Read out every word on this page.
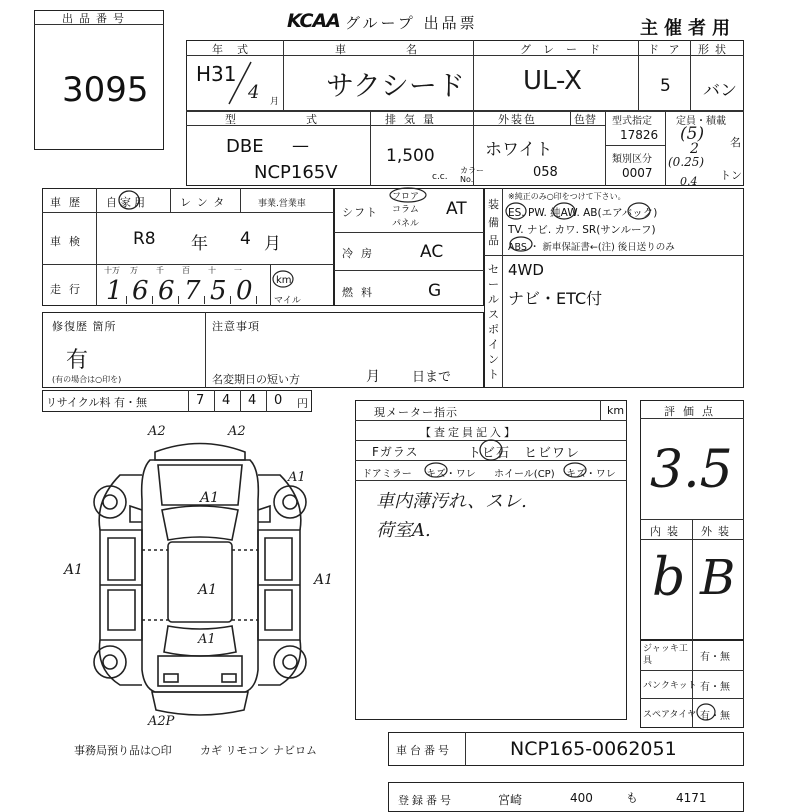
出品番号
3095
KCAA グループ 出品票	主催者用
年式
H31
4 月
車名
サクシード
グレード
UL-X
ドア
5
形状
バン
型式
DBE —
NCP165V
排気量
1,500
c.c.
外装色	色替
ホワイト
カラーNo.	058
型式指定
17826
類別区分
0007
定員・積載
(5) 名
2
(0.25)
トン
0.4
車歴 自家用	レンタ	事業.営業車
車検	R8 年 4 月
走行
十万
1
万
6
千
6
百
7
十
5
一
0 km
マイル
シフト
フロア
コラム
パネル
AT
冷房 AC
燃料	G
装備品
※純正のみ○印をつけて下さい。
ES. PW. 純AW. AB(エアバック)
TV. ナビ. カワ. SR(サンルーフ)
ABS ・ 新車保証書←(注) 後日送りのみ
セールスポイント
4WD
ナビ・ETC付
修復歴 箇所
有
(有の場合は○印を)
注意事項
名変期日の短い方	月 日まで
リサイクル料 有・無	7 4 4 0 円
現メーター指示	km
【査定員記入】
Fガラス	トビ石　ヒビワレ
ドアミラー キズ・ワレ ホイール(CP) キズ・ワレ
車内薄汚れ、スレ.
荷室A.
評価点
3.5
内装 外装
b B
ジャッキ工具	有・無
パンクキット 有・無
スペアタイヤ 有・無
A2	A2
A1
A1
A1
A1
A1
A1
A2P
事務局預り品は○印	カギ リモコン ナビロム	車台番号	NCP165-0062051
登録番号	宮崎	400	も	4171
